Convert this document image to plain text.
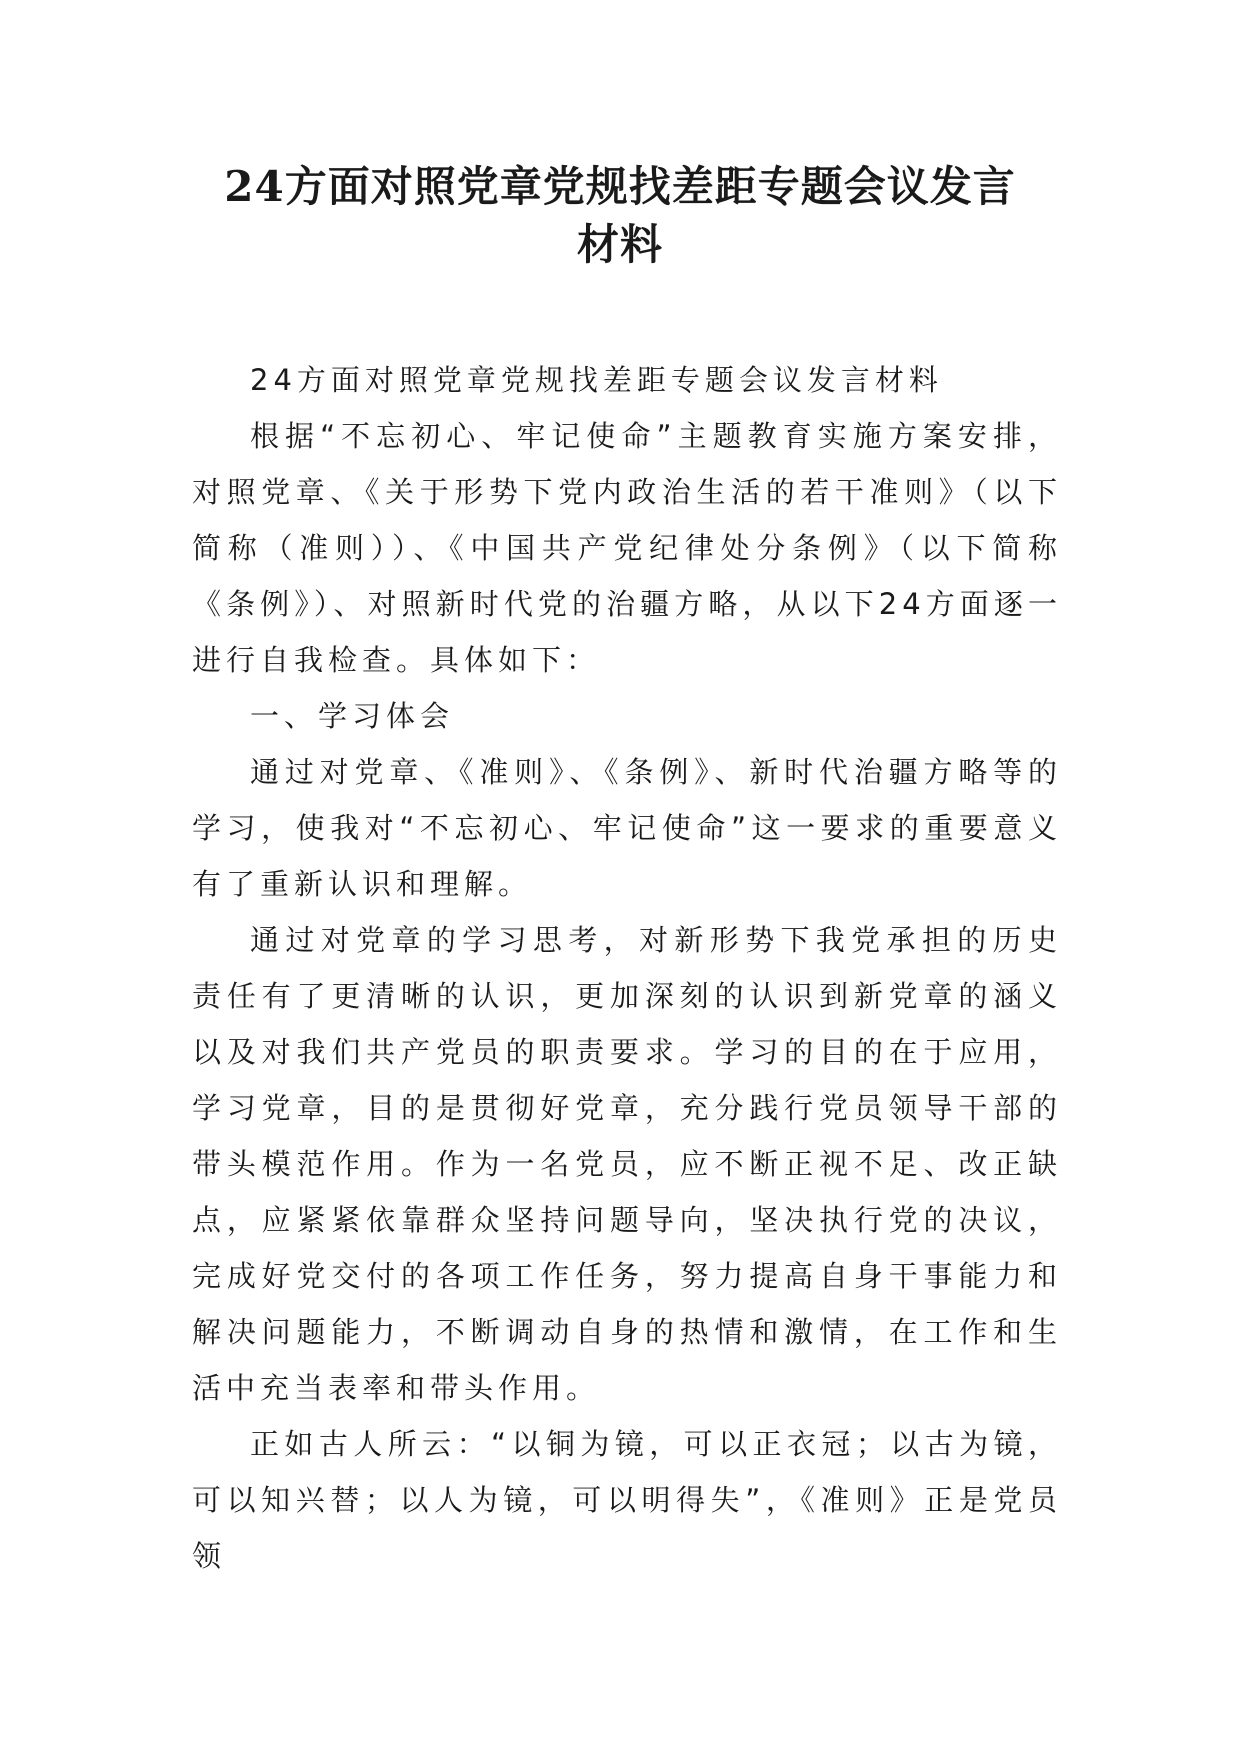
24方面对照党章党规找差距专题会议发言
材料

24方面对照党章党规找差距专题会议发言材料

根据“不忘初心、牢记使命”主题教育实施方案安排，对照党章、《关于形势下党内政治生活的若干准则》（以下简称（准则））、《中国共产党纪律处分条例》（以下简称《条例》）、对照新时代党的治疆方略，从以下24方面逐一进行自我检查。具体如下：

一、学习体会

通过对党章、《准则》、《条例》、新时代治疆方略等的学习，使我对“不忘初心、牢记使命”这一要求的重要意义有了重新认识和理解。

通过对党章的学习思考，对新形势下我党承担的历史责任有了更清晰的认识，更加深刻的认识到新党章的涵义以及对我们共产党员的职责要求。学习的目的在于应用，学习党章，目的是贯彻好党章，充分践行党员领导干部的带头模范作用。作为一名党员，应不断正视不足、改正缺点，应紧紧依靠群众坚持问题导向，坚决执行党的决议，完成好党交付的各项工作任务，努力提高自身干事能力和解决问题能力，不断调动自身的热情和激情，在工作和生活中充当表率和带头作用。

正如古人所云：“以铜为镜，可以正衣冠；以古为镜，可以知兴替；以人为镜，可以明得失”，《准则》正是党员领
